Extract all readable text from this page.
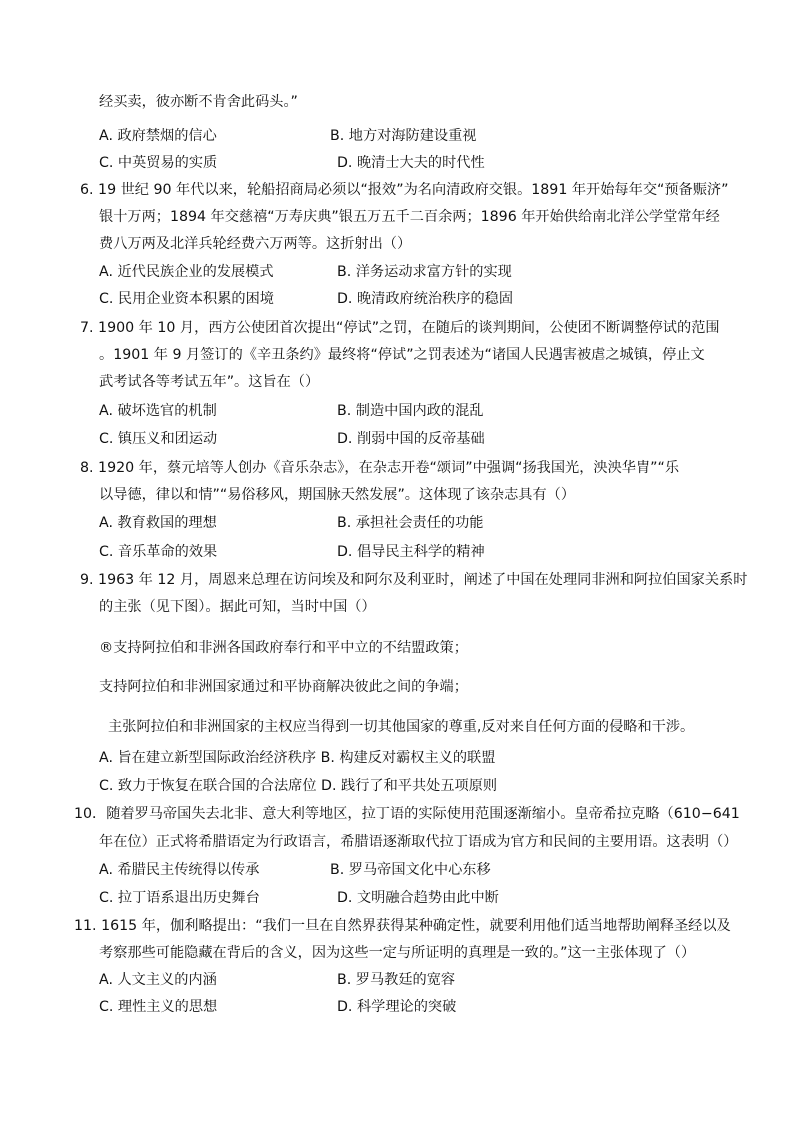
经买卖，彼亦断不肯舍此码头。”
A. 政府禁烟的信心	B. 地方对海防建设重视
C. 中英贸易的实质	D. 晚清士大夫的时代性
6. 19 世纪 90 年代以来，轮船招商局必须以“报效”为名向清政府交银。1891 年开始每年交“预备赈济”
银十万两；1894 年交慈禧“万寿庆典”银五万五千二百余两；1896 年开始供给南北洋公学堂常年经
费八万两及北洋兵轮经费六万两等。这折射出（）
A. 近代民族企业的发展模式	B. 洋务运动求富方针的实现
C. 民用企业资本积累的困境	D. 晚清政府统治秩序的稳固
7. 1900 年 10 月，西方公使团首次提出“停试”之罚，在随后的谈判期间，公使团不断调整停试的范围
。1901 年 9 月签订的《辛丑条约》最终将“停试”之罚表述为“诸国人民遇害被虐之城镇，停止文
武考试各等考试五年”。这旨在（）
A. 破坏选官的机制	B. 制造中国内政的混乱
C. 镇压义和团运动	D. 削弱中国的反帝基础
8. 1920 年，蔡元培等人创办《音乐杂志》，在杂志开卷“颂词”中强调“扬我国光，泱泱华胄”“乐
以导德，律以和情”“易俗移风，期国脉天然发展”。这体现了该杂志具有（）
A. 教育救国的理想	B. 承担社会责任的功能
C. 音乐革命的效果	D. 倡导民主科学的精神
9. 1963 年 12 月，周恩来总理在访问埃及和阿尔及利亚时，阐述了中国在处理同非洲和阿拉伯国家关系时
的主张（见下图）。据此可知，当时中国（）
®支持阿拉伯和非洲各国政府奉行和平中立的不结盟政策；
支持阿拉伯和非洲国家通过和平协商解决彼此之间的争端；
主张阿拉伯和非洲国家的主权应当得到一切其他国家的尊重,反对来自任何方面的侵略和干涉。
A. 旨在建立新型国际政治经济秩序 B. 构建反对霸权主义的联盟
C. 致力于恢复在联合国的合法席位 D. 践行了和平共处五项原则
10．随着罗马帝国失去北非、意大利等地区，拉丁语的实际使用范围逐渐缩小。皇帝希拉克略（610−641
年在位）正式将希腊语定为行政语言，希腊语逐渐取代拉丁语成为官方和民间的主要用语。这表明（）
A. 希腊民主传统得以传承	B. 罗马帝国文化中心东移
C. 拉丁语系退出历史舞台	D. 文明融合趋势由此中断
11. 1615 年，伽利略提出：“我们一旦在自然界获得某种确定性，就要利用他们适当地帮助阐释圣经以及
考察那些可能隐藏在背后的含义，因为这些一定与所证明的真理是一致的。”这一主张体现了（）
A. 人文主义的内涵	B. 罗马教廷的宽容
C. 理性主义的思想	D. 科学理论的突破
